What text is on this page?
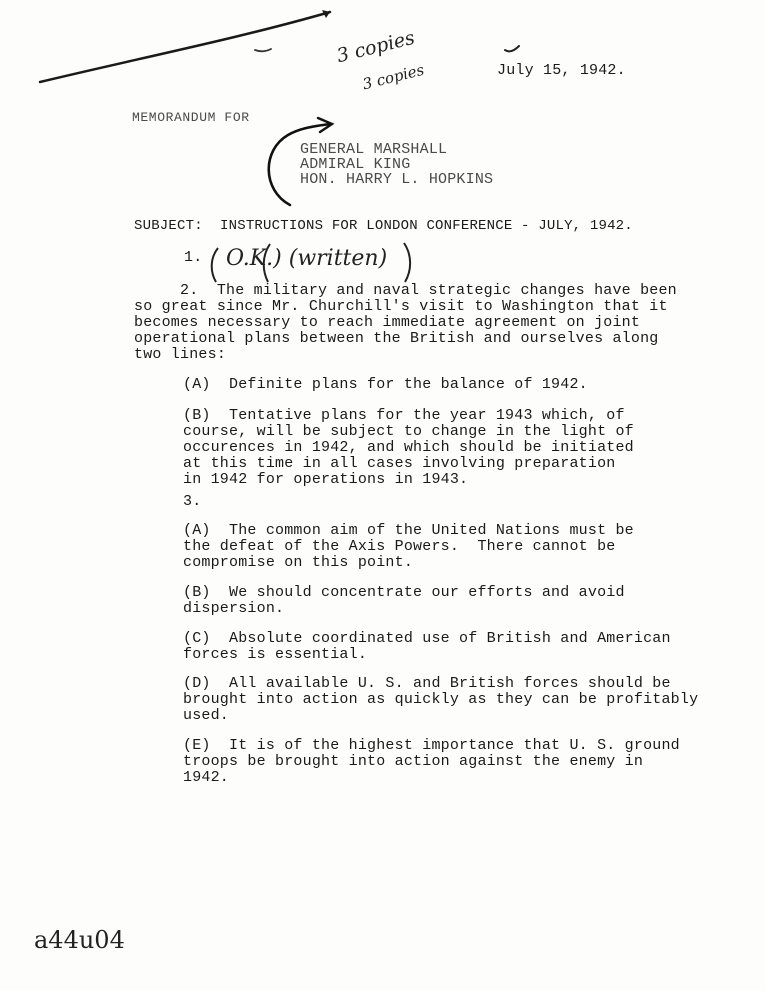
3 copies
3 copies	July 15, 1942.
MEMORANDUM FOR
GENERAL MARSHALL
ADMIRAL KING
HON. HARRY L. HOPKINS
SUBJECT:  INSTRUCTIONS FOR LONDON CONFERENCE - JULY, 1942.
1. O.K.) (written)
2.  The military and naval strategic changes have been
so great since Mr. Churchill's visit to Washington that it
becomes necessary to reach immediate agreement on joint
operational plans between the British and ourselves along
two lines:
(A)  Definite plans for the balance of 1942.
(B)  Tentative plans for the year 1943 which, of
course, will be subject to change in the light of
occurences in 1942, and which should be initiated
at this time in all cases involving preparation
in 1942 for operations in 1943.
3.
(A)  The common aim of the United Nations must be
the defeat of the Axis Powers.  There cannot be
compromise on this point.
(B)  We should concentrate our efforts and avoid
dispersion.
(C)  Absolute coordinated use of British and American
forces is essential.
(D)  All available U. S. and British forces should be
brought into action as quickly as they can be profitably
used.
(E)  It is of the highest importance that U. S. ground
troops be brought into action against the enemy in
1942.
a44u04
